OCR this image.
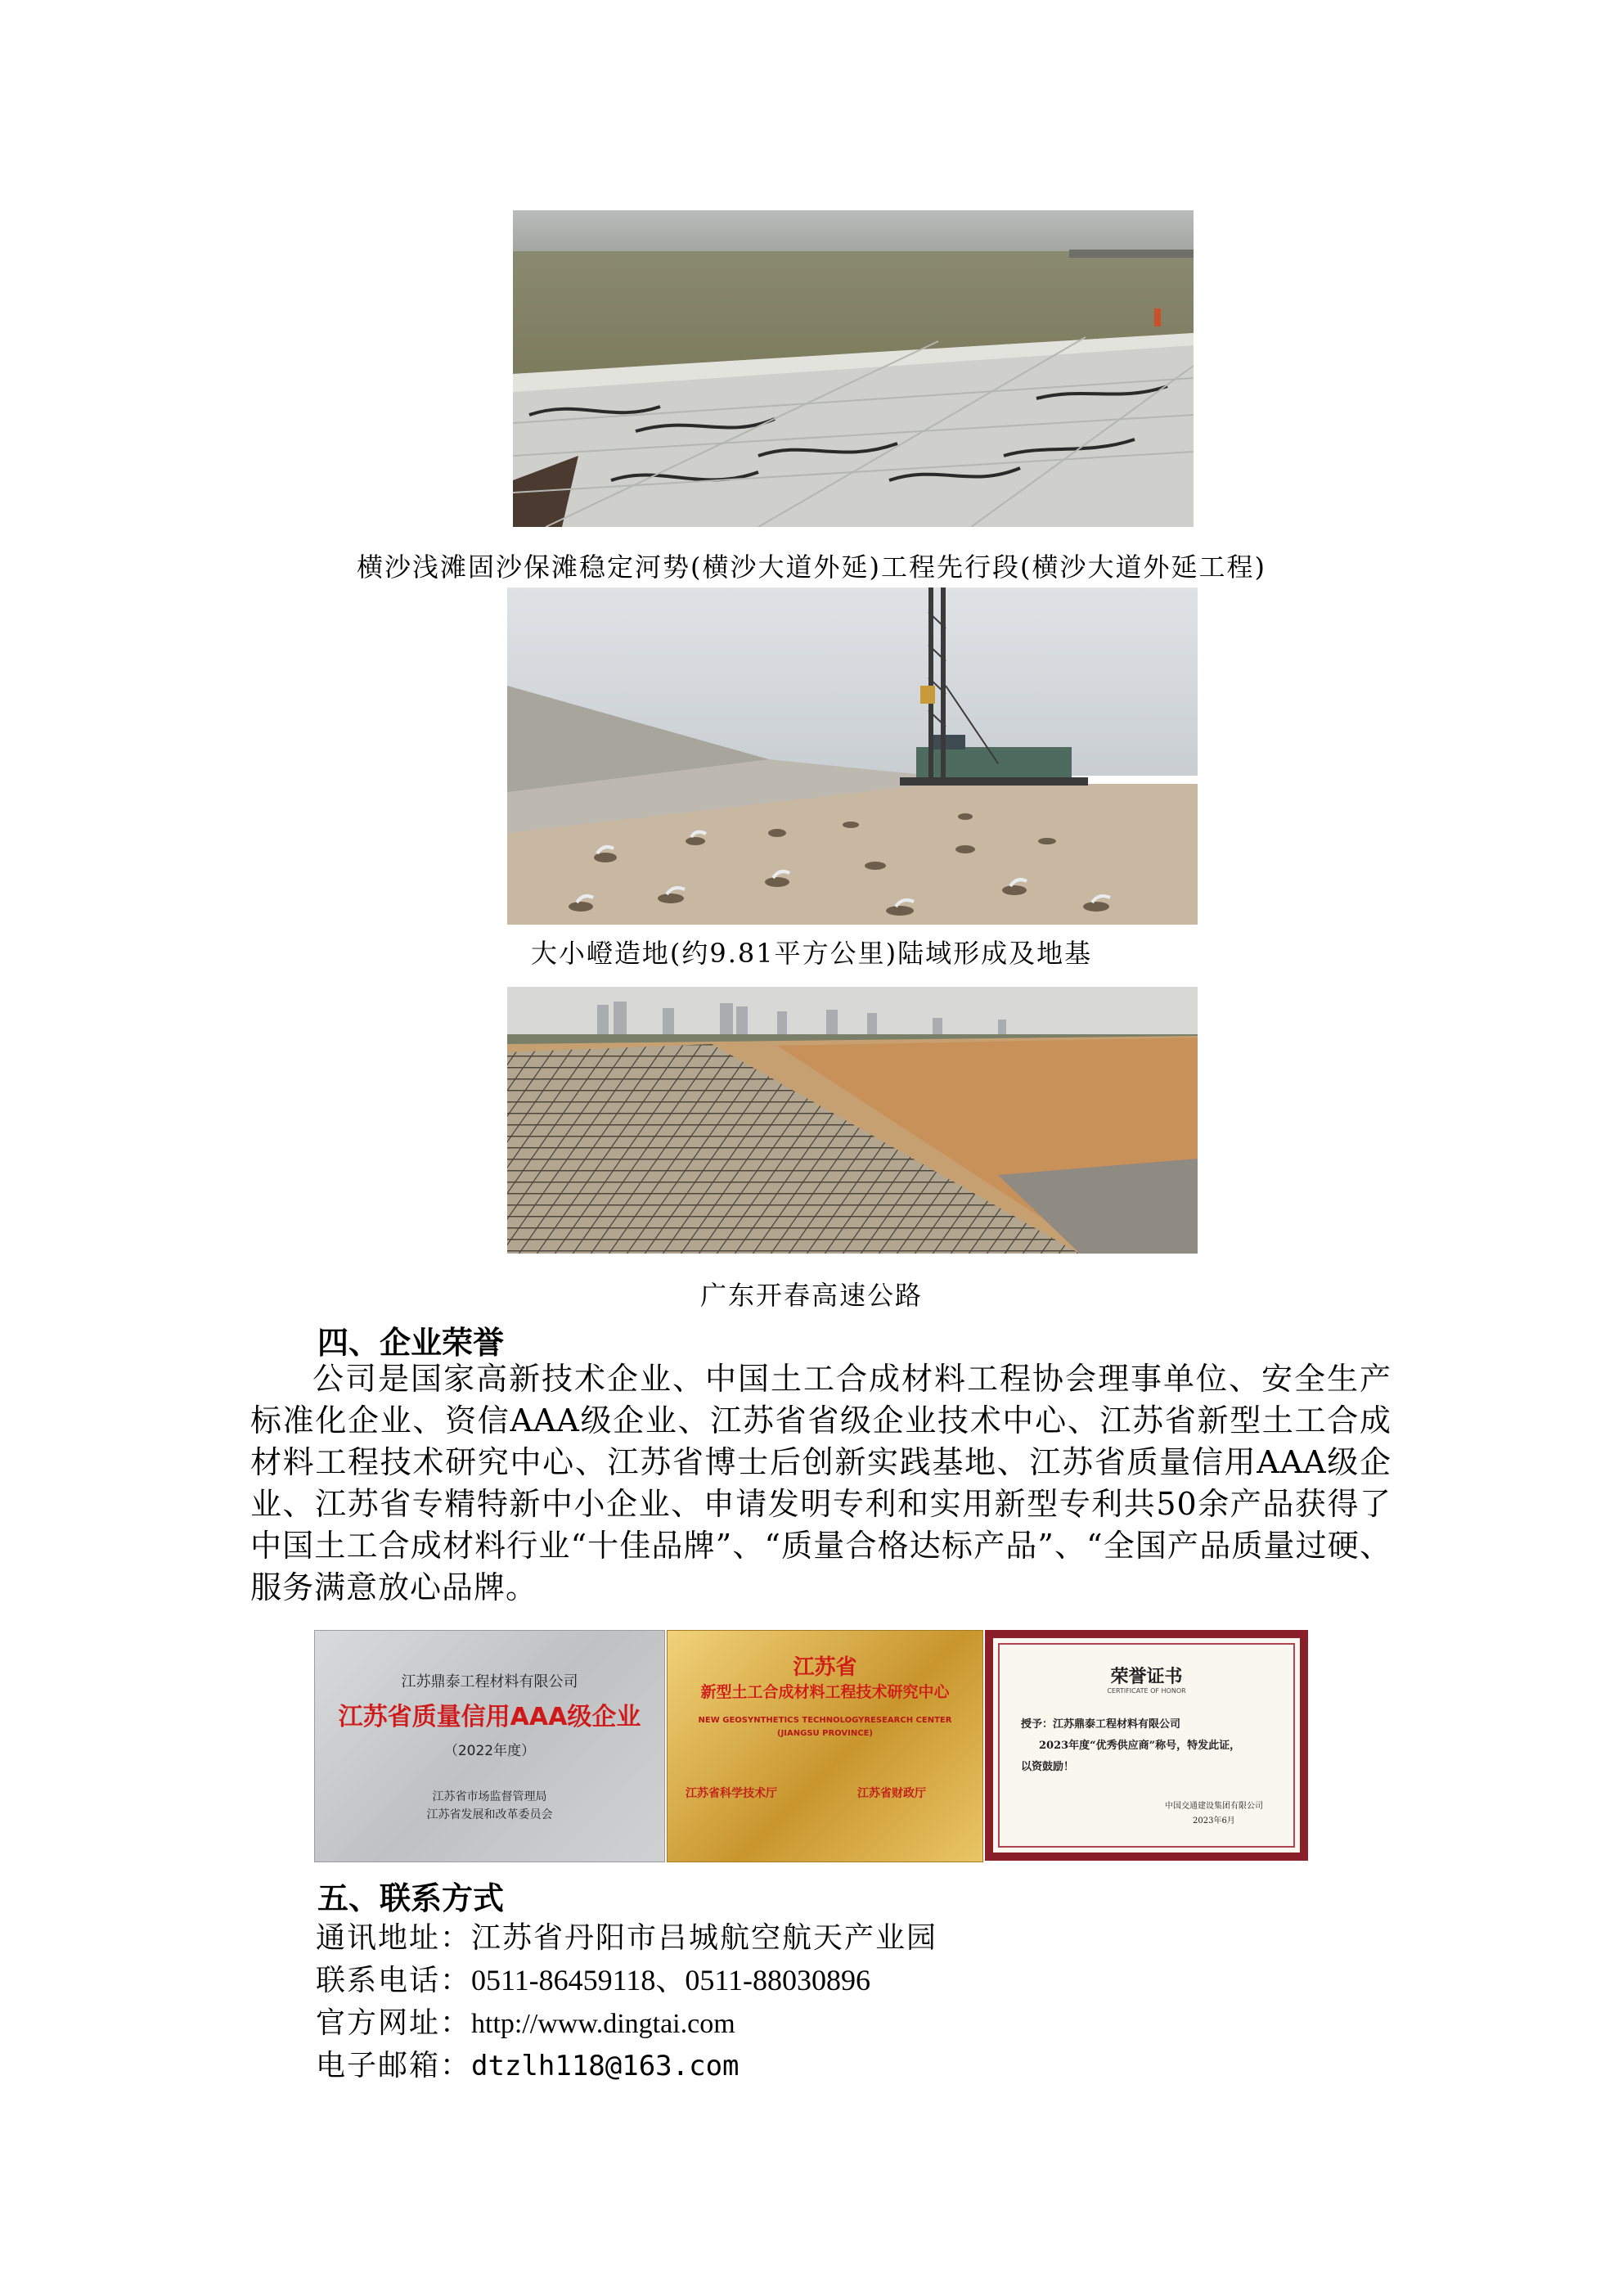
横沙浅滩固沙保滩稳定河势(横沙大道外延)工程先行段(横沙大道外延工程)
大小嶝造地(约9.81平方公里)陆域形成及地基
广东开春高速公路
四、企业荣誉
公司是国家高新技术企业、中国土工合成材料工程协会理事单位、安全生产标准化企业、资信AAA级企业、江苏省省级企业技术中心、江苏省新型土工合成材料工程技术研究中心、江苏省博士后创新实践基地、江苏省质量信用AAA级企业、江苏省专精特新中小企业、申请发明专利和实用新型专利共50余产品获得了中国土工合成材料行业“十佳品牌”、“质量合格达标产品”、“全国产品质量过硬、服务满意放心品牌。
江苏鼎泰工程材料有限公司
江苏省质量信用AAA级企业
（2022年度）
江苏省市场监督管理局
江苏省发展和改革委员会
江苏省
新型土工合成材料工程技术研究中心
NEW GEOSYNTHETICS TECHNOLOGYRESEARCH CENTER
(JIANGSU PROVINCE)
江苏省科学技术厅	江苏省财政厅
荣誉证书
CERTIFICATE OF HONOR
授予：江苏鼎泰工程材料有限公司
2023年度“优秀供应商”称号，特发此证，
以资鼓励！
中国交通建设集团有限公司
2023年6月
五、联系方式
通讯地址：江苏省丹阳市吕城航空航天产业园
联系电话：0511-86459118、0511-88030896
官方网址：http://www.dingtai.com
电子邮箱：dtzlh118@163.com
